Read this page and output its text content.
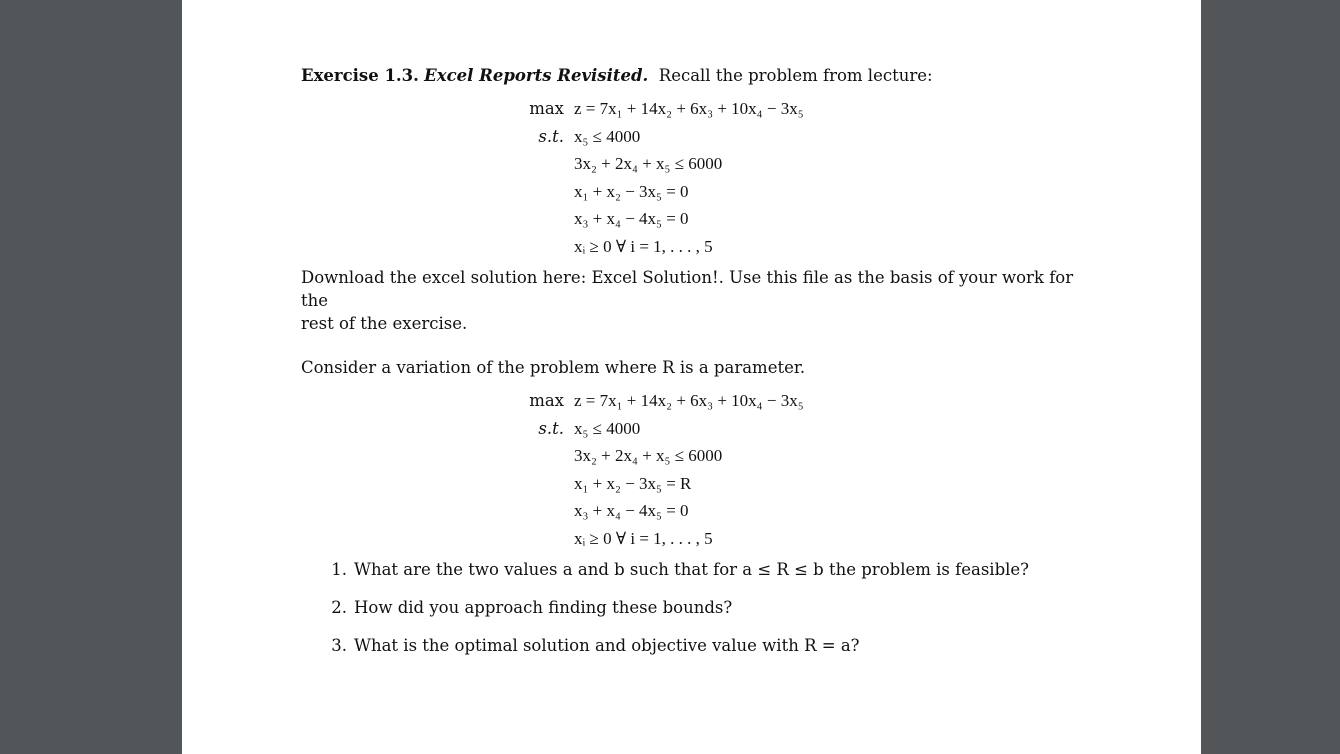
Exercise 1.3. Excel Reports Revisited. Recall the problem from lecture:

max z = 7x₁ + 14x₂ + 6x₃ + 10x₄ − 3x₅
s.t. x₅ ≤ 4000
3x₂ + 2x₄ + x₅ ≤ 6000
x₁ + x₂ − 3x₅ = 0
x₃ + x₄ − 4x₅ = 0
xᵢ ≥ 0 ∀ i = 1, . . . , 5

Download the excel solution here: Excel Solution!. Use this file as the basis of your work for the
rest of the exercise.

Consider a variation of the problem where R is a parameter.

max z = 7x₁ + 14x₂ + 6x₃ + 10x₄ − 3x₅
s.t. x₅ ≤ 4000
3x₂ + 2x₄ + x₅ ≤ 6000
x₁ + x₂ − 3x₅ = R
x₃ + x₄ − 4x₅ = 0
xᵢ ≥ 0 ∀ i = 1, . . . , 5
1. What are the two values a and b such that for a ≤ R ≤ b the problem is feasible?
2. How did you approach finding these bounds?
3. What is the optimal solution and objective value with R = a?
